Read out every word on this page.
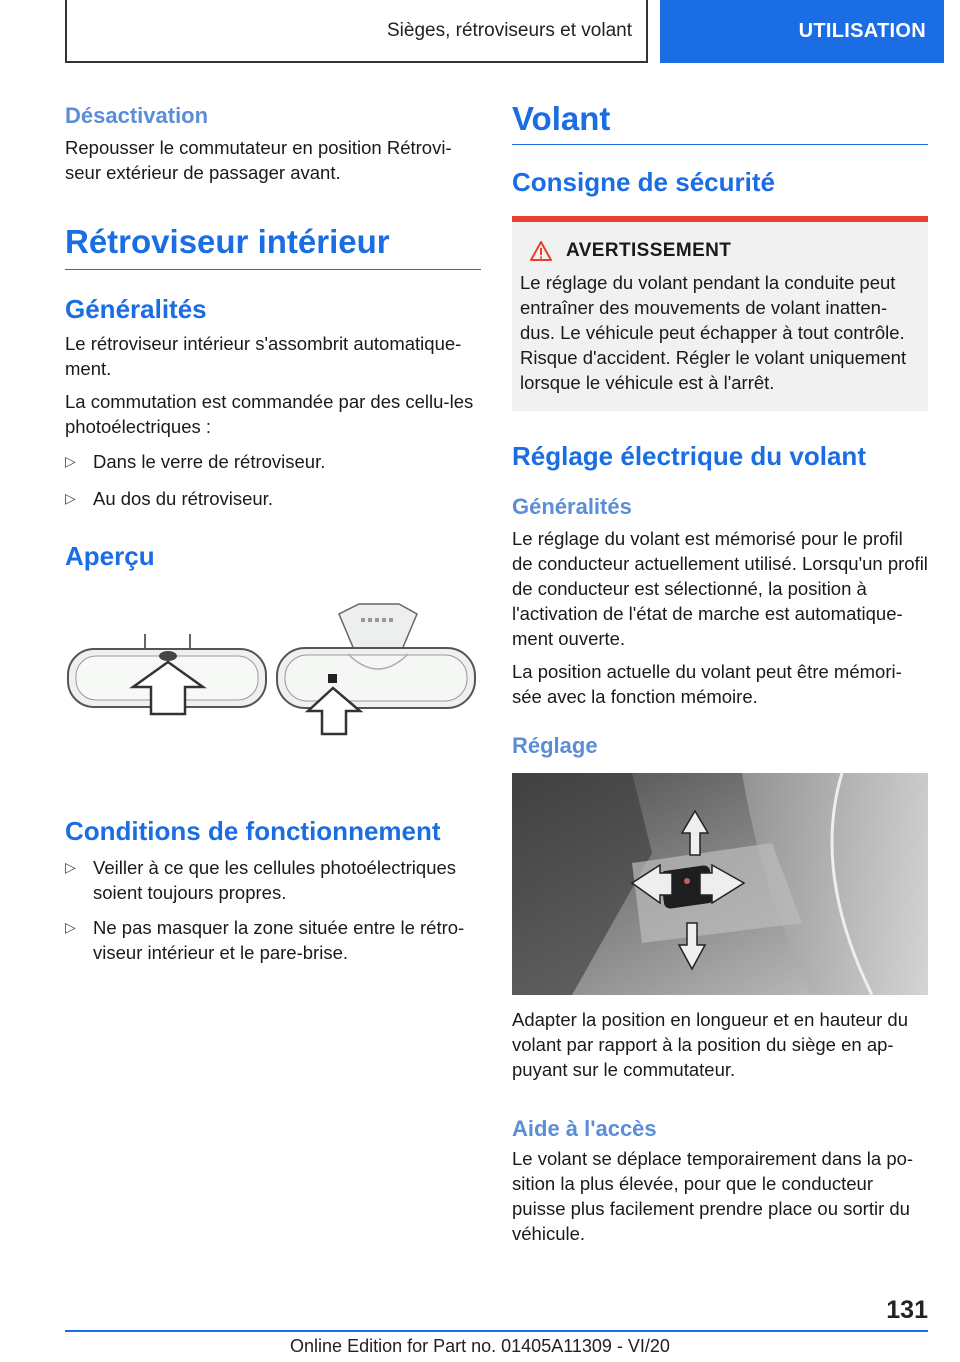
Sièges, rétroviseurs et volant	UTILISATION
Désactivation

Repousser le commutateur en position Rétrovi-seur extérieur de passager avant.

Rétroviseur intérieur
Généralités

Le rétroviseur intérieur s'assombrit automatique-ment.

La commutation est commandée par des cellu-les photoélectriques :

▷ Dans le verre de rétroviseur.
▷ Au dos du rétroviseur.
Aperçu
Conditions de fonctionnement
▷ Veiller à ce que les cellules photoélectriques soient toujours propres.
▷ Ne pas masquer la zone située entre le rétro-viseur intérieur et le pare-brise.
Volant
Consigne de sécurité
AVERTISSEMENT

Le réglage du volant pendant la conduite peut entraîner des mouvements de volant inatten-dus. Le véhicule peut échapper à tout contrôle. Risque d'accident. Régler le volant uniquement lorsque le véhicule est à l'arrêt.

Réglage électrique du volant
Généralités

Le réglage du volant est mémorisé pour le profil de conducteur actuellement utilisé. Lorsqu'un profil de conducteur est sélectionné, la position à l'activation de l'état de marche est automatique-ment ouverte.

La position actuelle du volant peut être mémori-sée avec la fonction mémoire.

Réglage

Adapter la position en longueur et en hauteur du volant par rapport à la position du siège en ap-puyant sur le commutateur.

Aide à l'accès

Le volant se déplace temporairement dans la po-sition la plus élevée, pour que le conducteur puisse plus facilement prendre place ou sortir du véhicule.

131
Online Edition for Part no. 01405A11309 - VI/20
